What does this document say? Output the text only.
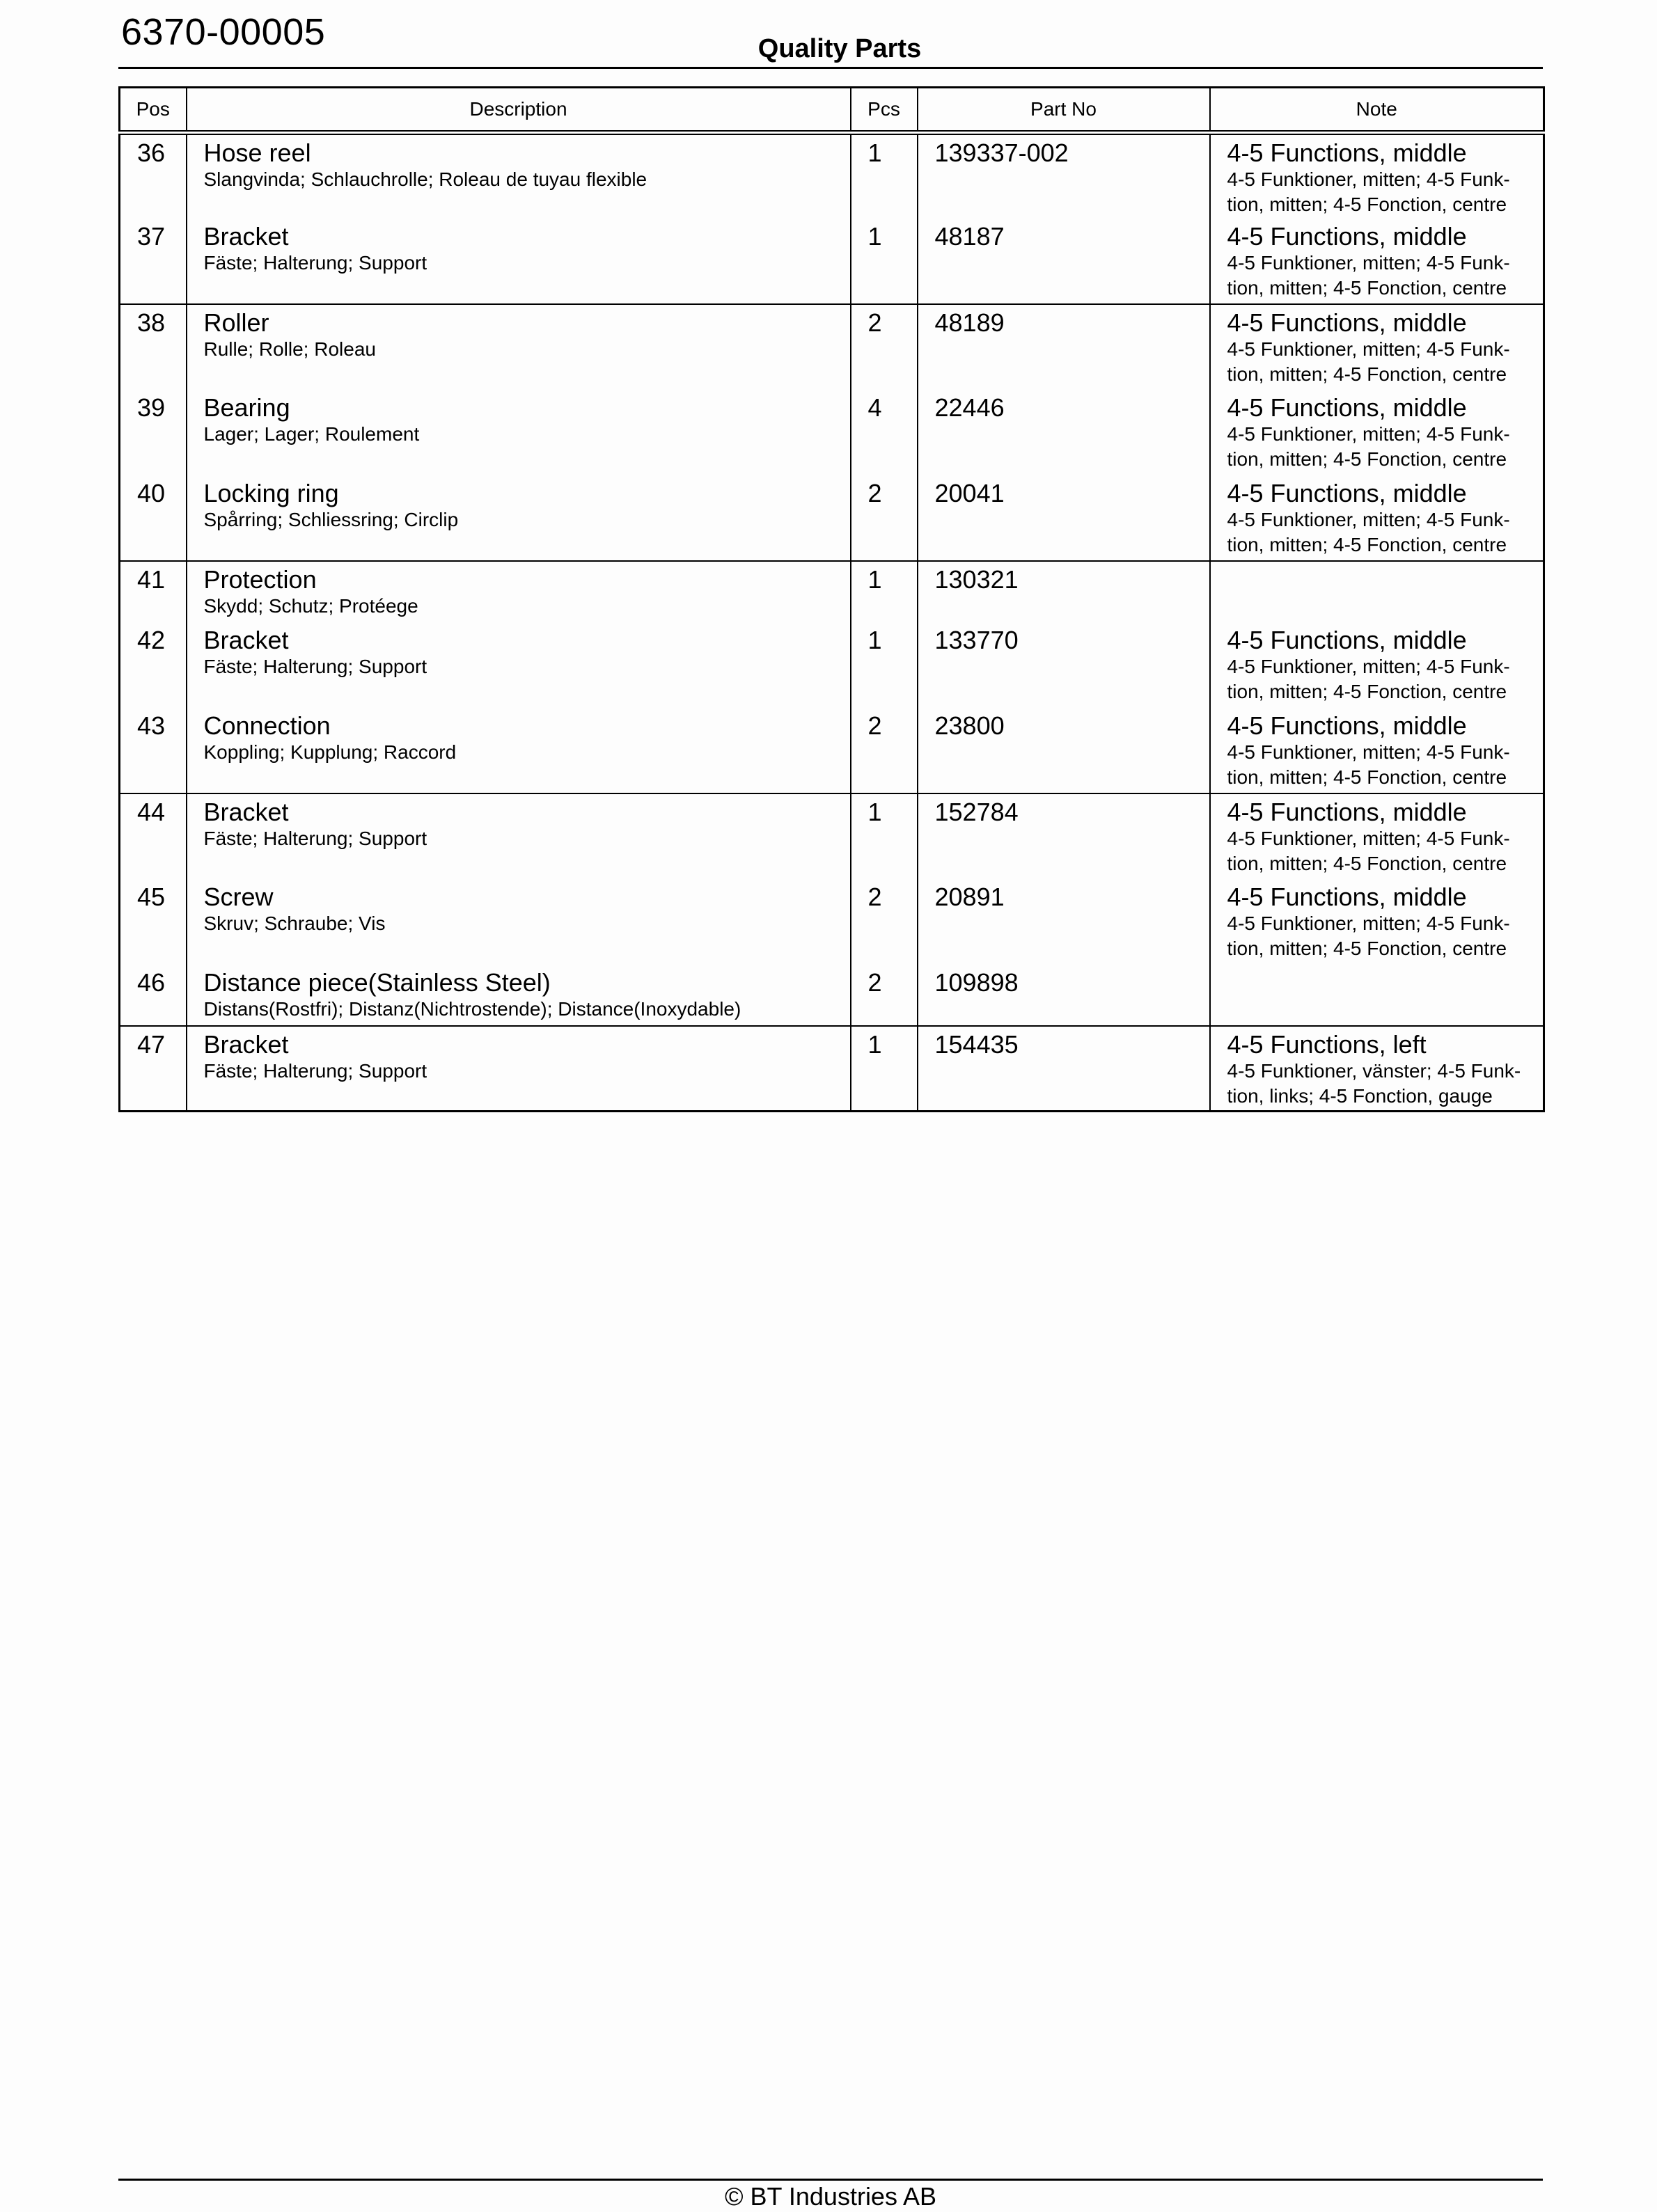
6370-00005	Quality Parts
Pos	Description	Pcs	Part No	Note

36	Hose reel
Slangvinda; Schlauchrolle; Roleau de tuyau flexible	1	139337-002	4-5 Functions, middle
4-5 Funktioner, mitten; 4-5 Funk-
tion, mitten; 4-5 Fonction, centre

37	Bracket
Fäste; Halterung; Support	1	48187	4-5 Functions, middle
4-5 Funktioner, mitten; 4-5 Funk-
tion, mitten; 4-5 Fonction, centre

38	Roller
Rulle; Rolle; Roleau	2	48189	4-5 Functions, middle
4-5 Funktioner, mitten; 4-5 Funk-
tion, mitten; 4-5 Fonction, centre

39	Bearing
Lager; Lager; Roulement	4	22446	4-5 Functions, middle
4-5 Funktioner, mitten; 4-5 Funk-
tion, mitten; 4-5 Fonction, centre

40	Locking ring
Spårring; Schliessring; Circlip	2	20041	4-5 Functions, middle
4-5 Funktioner, mitten; 4-5 Funk-
tion, mitten; 4-5 Fonction, centre

41	Protection
Skydd; Schutz; Protéege	1	130321	

42	Bracket
Fäste; Halterung; Support	1	133770	4-5 Functions, middle
4-5 Funktioner, mitten; 4-5 Funk-
tion, mitten; 4-5 Fonction, centre

43	Connection
Koppling; Kupplung; Raccord	2	23800	4-5 Functions, middle
4-5 Funktioner, mitten; 4-5 Funk-
tion, mitten; 4-5 Fonction, centre

44	Bracket
Fäste; Halterung; Support	1	152784	4-5 Functions, middle
4-5 Funktioner, mitten; 4-5 Funk-
tion, mitten; 4-5 Fonction, centre

45	Screw
Skruv; Schraube; Vis	2	20891	4-5 Functions, middle
4-5 Funktioner, mitten; 4-5 Funk-
tion, mitten; 4-5 Fonction, centre

46	Distance piece(Stainless Steel)
Distans(Rostfri); Distanz(Nichtrostende); Distance(Inoxydable)	2	109898	

47	Bracket
Fäste; Halterung; Support	1	154435	4-5 Functions, left
4-5 Funktioner, vänster; 4-5 Funk-
tion, links; 4-5 Fonction, gauge
© BT Industries AB
